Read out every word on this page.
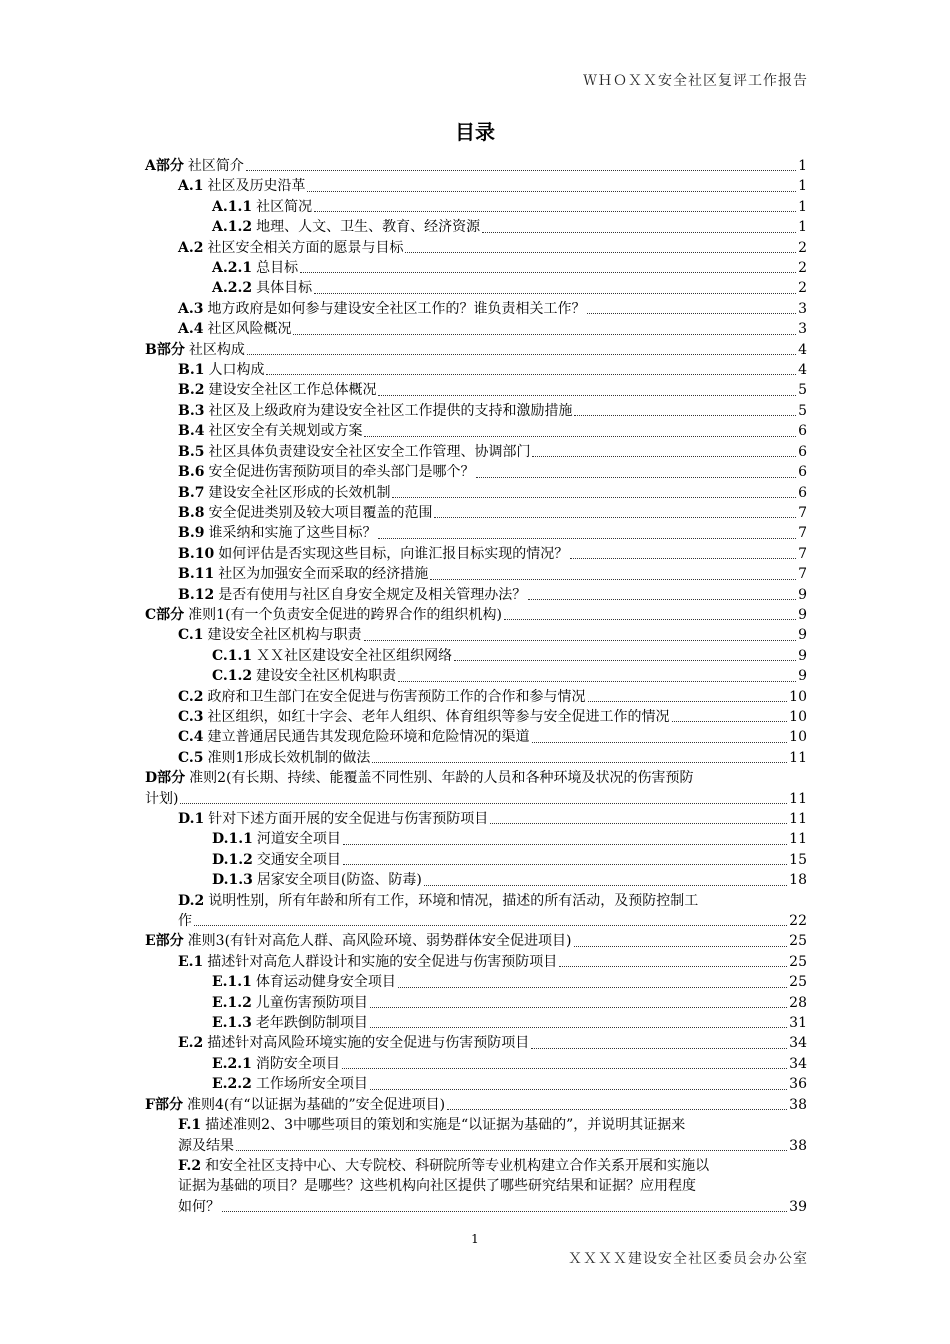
ＷＨＯＸＸ安全社区复评工作报告
目录
A部分 社区简介	1
A.1 社区及历史沿革	1
A.1.1 社区简况	1
A.1.2 地理、人文、卫生、教育、经济资源	1
A.2 社区安全相关方面的愿景与目标	2
A.2.1 总目标	2
A.2.2 具体目标	2
A.3 地方政府是如何参与建设安全社区工作的？谁负责相关工作？	3
A.4 社区风险概况	3
B部分 社区构成	4
B.1 人口构成	4
B.2 建设安全社区工作总体概况	5
B.3 社区及上级政府为建设安全社区工作提供的支持和激励措施	5
B.4 社区安全有关规划或方案	6
B.5 社区具体负责建设安全社区安全工作管理、协调部门	6
B.6 安全促进伤害预防项目的牵头部门是哪个？	6
B.7 建设安全社区形成的长效机制	6
B.8 安全促进类别及较大项目覆盖的范围	7
B.9 谁采纳和实施了这些目标？	7
B.10 如何评估是否实现这些目标，向谁汇报目标实现的情况？	7
B.11 社区为加强安全而采取的经济措施	7
B.12 是否有使用与社区自身安全规定及相关管理办法？	9
C部分 准则1(有一个负责安全促进的跨界合作的组织机构)	9
C.1 建设安全社区机构与职责	9
C.1.1 ＸＸ社区建设安全社区组织网络	9
C.1.2 建设安全社区机构职责	9
C.2 政府和卫生部门在安全促进与伤害预防工作的合作和参与情况	10
C.3 社区组织，如红十字会、老年人组织、体育组织等参与安全促进工作的情况	10
C.4 建立普通居民通告其发现危险环境和危险情况的渠道	10
C.5 准则1形成长效机制的做法	11
D部分 准则2(有长期、持续、能覆盖不同性别、年龄的人员和各种环境及状况的伤害预防
计划)	11
D.1 针对下述方面开展的安全促进与伤害预防项目	11
D.1.1 河道安全项目	11
D.1.2 交通安全项目	15
D.1.3 居家安全项目(防盗、防毒)	18
D.2 说明性别，所有年龄和所有工作，环境和情况，描述的所有活动，及预防控制工
作	22
E部分 准则3(有针对高危人群、高风险环境、弱势群体安全促进项目)	25
E.1 描述针对高危人群设计和实施的安全促进与伤害预防项目	25
E.1.1 体育运动健身安全项目	25
E.1.2 儿童伤害预防项目	28
E.1.3 老年跌倒防制项目	31
E.2 描述针对高风险环境实施的安全促进与伤害预防项目	34
E.2.1 消防安全项目	34
E.2.2 工作场所安全项目	36
F部分 准则4(有“以证据为基础的”安全促进项目)	38
F.1 描述准则2、3中哪些项目的策划和实施是“以证据为基础的”，并说明其证据来
源及结果	38
F.2 和安全社区支持中心、大专院校、科研院所等专业机构建立合作关系开展和实施以
证据为基础的项目？是哪些？这些机构向社区提供了哪些研究结果和证据？应用程度
如何？	39
1
ＸＸＸＸ建设安全社区委员会办公室
